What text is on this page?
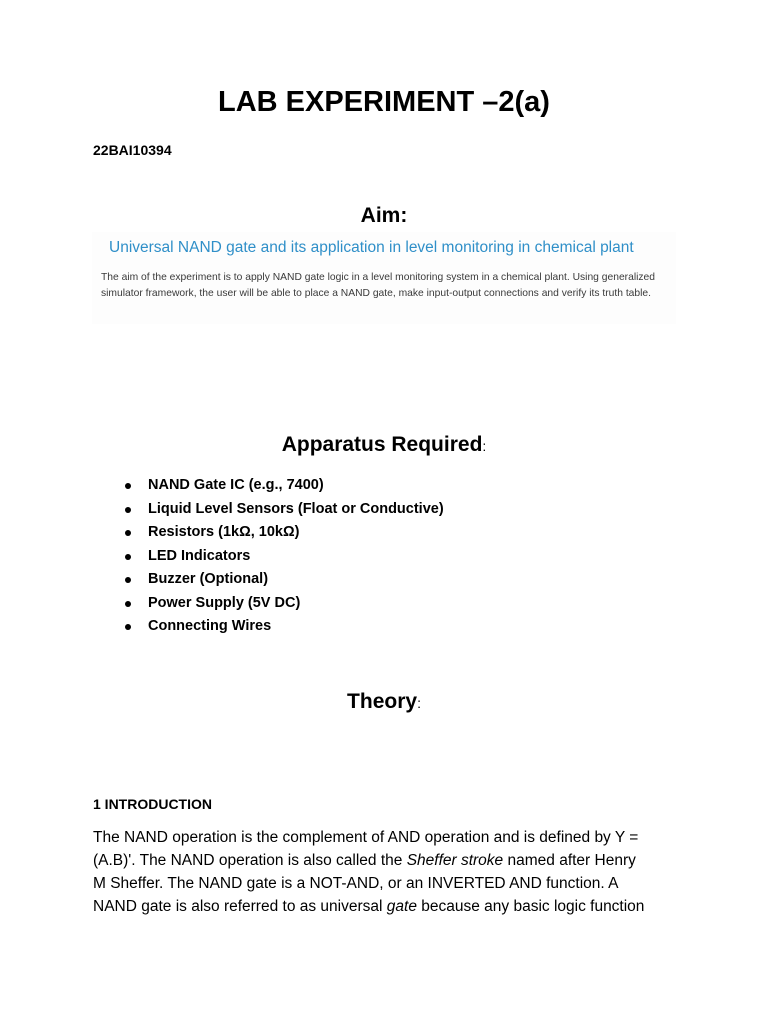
LAB EXPERIMENT –2(a)
22BAI10394
Aim:
Universal NAND gate and its application in level monitoring in chemical plant
The aim of the experiment is to apply NAND gate logic in a level monitoring system in a chemical plant. Using generalized simulator framework, the user will be able to place a NAND gate, make input-output connections and verify its truth table.
Apparatus Required:
NAND Gate IC (e.g., 7400)
Liquid Level Sensors (Float or Conductive)
Resistors (1kΩ, 10kΩ)
LED Indicators
Buzzer (Optional)
Power Supply (5V DC)
Connecting Wires
Theory:
1 INTRODUCTION

The NAND operation is the complement of AND operation and is defined by Y =
(A.B)'. The NAND operation is also called the Sheffer stroke named after Henry
M Sheffer. The NAND gate is a NOT-AND, or an INVERTED AND function. A
NAND gate is also referred to as universal gate because any basic logic function
